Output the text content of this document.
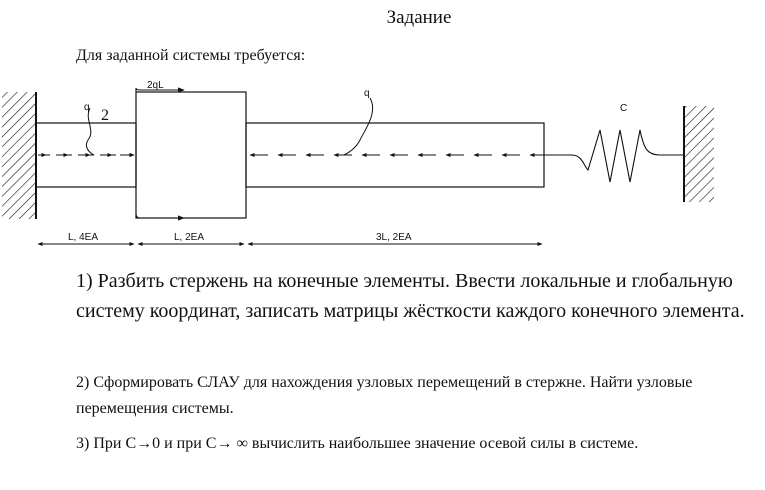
Задание
Для заданной системы требуется:
2qL
q 2
q
C
L, 4EA	L, 2EA	3L, 2EA
1) Разбить стержень на конечные элементы. Ввести локальные и глобальную систему координат, записать матрицы жёсткости каждого конечного элемента.
2) Сформировать СЛАУ для нахождения узловых перемещений в стержне. Найти узловые перемещения системы.
3) При С→0 и при С→ ∞ вычислить наибольшее значение осевой силы в системе.
